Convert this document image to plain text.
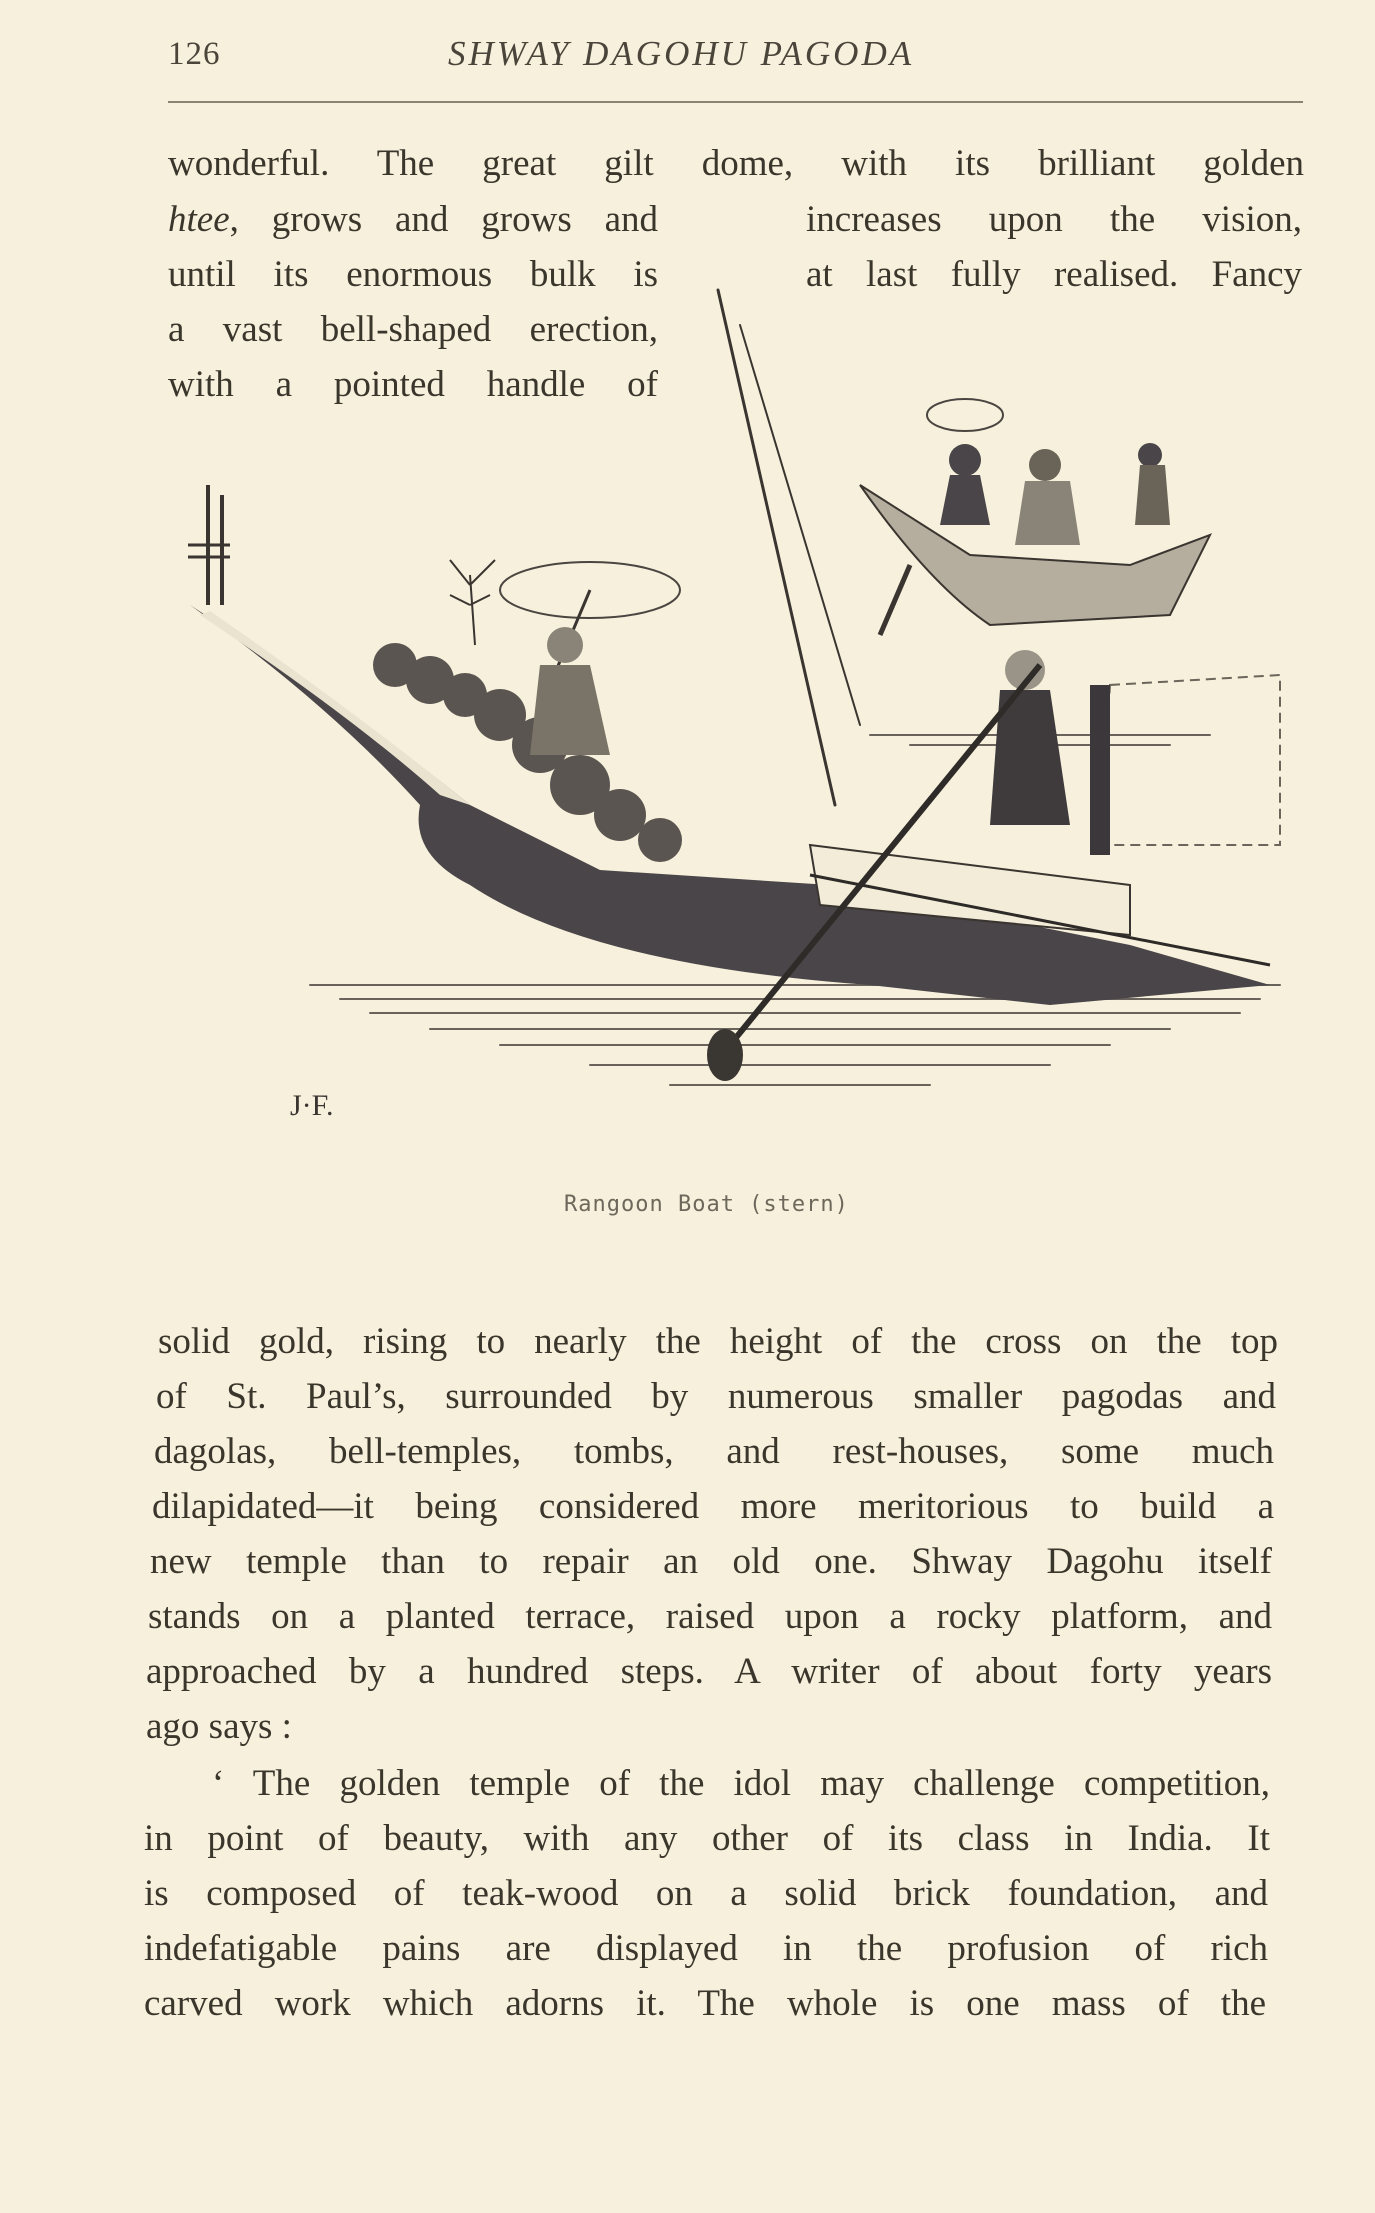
126	SHWAY DAGOHU PAGODA
wonderful. The great gilt dome, with its brilliant golden
htee, grows and grows and
until its enormous bulk is
a vast bell-shaped erection,
with a pointed handle of
increases upon the vision,
at last fully realised. Fancy
J·F.
Rangoon Boat (stern)
solid gold, rising to nearly the height of the cross on the top
of St. Paul’s, surrounded by numerous smaller pagodas and
dagolas, bell-temples, tombs, and rest-houses, some much
dilapidated—it being considered more meritorious to build a
new temple than to repair an old one. Shway Dagohu itself
stands on a planted terrace, raised upon a rocky platform, and
approached by a hundred steps. A writer of about forty years
ago says :
‘ The golden temple of the idol may challenge competition,
in point of beauty, with any other of its class in India. It
is composed of teak-wood on a solid brick foundation, and
indefatigable pains are displayed in the profusion of rich
carved work which adorns it. The whole is one mass of the
